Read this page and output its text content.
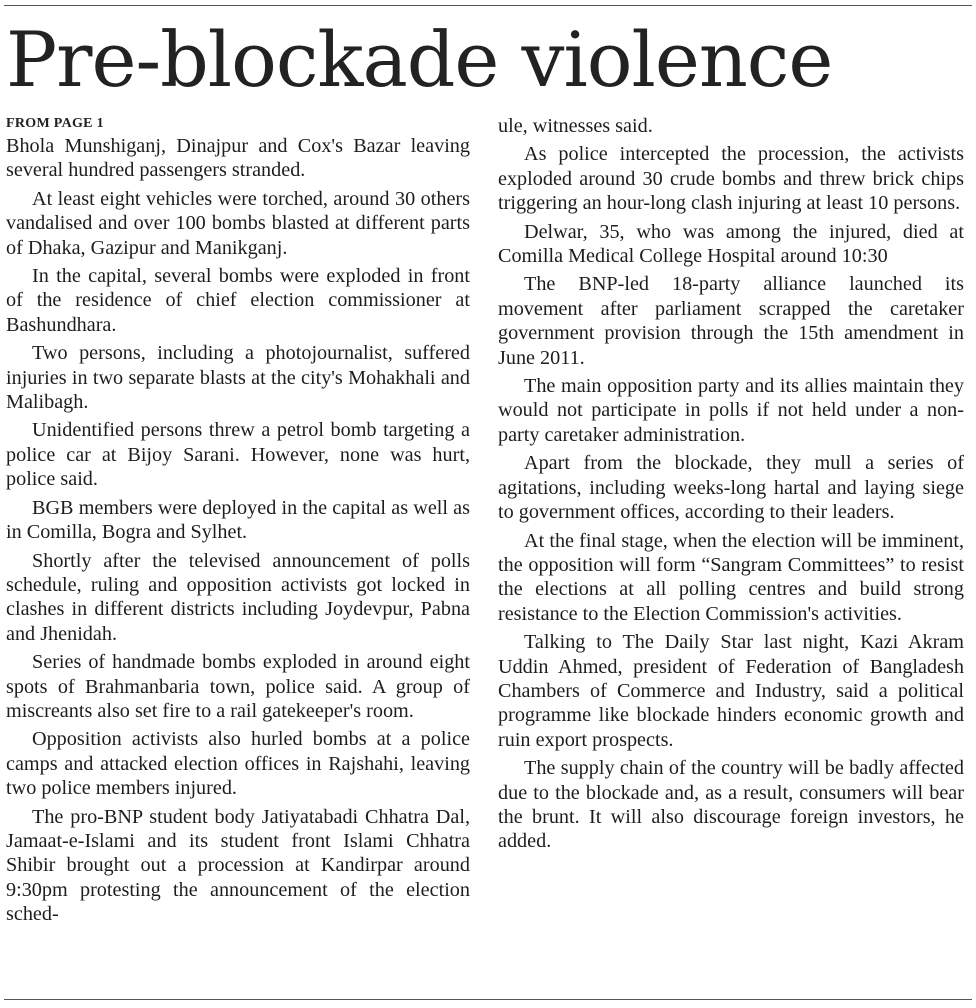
Pre-blockade violence
FROM PAGE 1

Bhola Munshiganj, Dinajpur and Cox's Bazar leaving several hundred passengers stranded.

At least eight vehicles were torched, around 30 others vandalised and over 100 bombs blasted at different parts of Dhaka, Gazipur and Manikganj.

In the capital, several bombs were exploded in front of the residence of chief election commissioner at Bashundhara.

Two persons, including a photojournalist, suffered injuries in two separate blasts at the city's Mohakhali and Malibagh.

Unidentified persons threw a petrol bomb targeting a police car at Bijoy Sarani. However, none was hurt, police said.

BGB members were deployed in the capital as well as in Comilla, Bogra and Sylhet.

Shortly after the televised announcement of polls schedule, ruling and opposition activists got locked in clashes in different districts including Joydevpur, Pabna and Jhenidah.

Series of handmade bombs exploded in around eight spots of Brahmanbaria town, police said. A group of miscreants also set fire to a rail gatekeeper's room.

Opposition activists also hurled bombs at a police camps and attacked election offices in Rajshahi, leaving two police members injured.

The pro-BNP student body Jatiyatabadi Chhatra Dal, Jamaat-e-Islami and its student front Islami Chhatra Shibir brought out a procession at Kandirpar around 9:30pm protesting the announcement of the election sched-

ule, witnesses said.

As police intercepted the procession, the activists exploded around 30 crude bombs and threw brick chips triggering an hour-long clash injuring at least 10 persons.

Delwar, 35, who was among the injured, died at Comilla Medical College Hospital around 10:30

The BNP-led 18-party alliance launched its movement after parliament scrapped the caretaker government provision through the 15th amendment in June 2011.

The main opposition party and its allies maintain they would not participate in polls if not held under a non-party caretaker administration.

Apart from the blockade, they mull a series of agitations, including weeks-long hartal and laying siege to government offices, according to their leaders.

At the final stage, when the election will be imminent, the opposition will form “Sangram Committees” to resist the elections at all polling centres and build strong resistance to the Election Commission's activities.

Talking to The Daily Star last night, Kazi Akram Uddin Ahmed, president of Federation of Bangladesh Chambers of Commerce and Industry, said a political programme like blockade hinders economic growth and ruin export prospects.

The supply chain of the country will be badly affected due to the blockade and, as a result, consumers will bear the brunt. It will also discourage foreign investors, he added.
